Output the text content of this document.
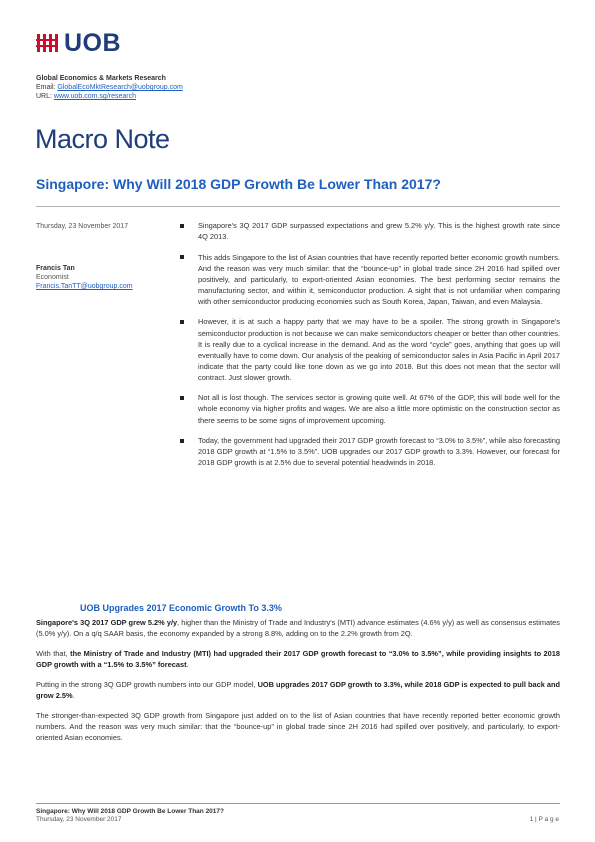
UOB
Global Economics & Markets Research
Email: GlobalEcoMktResearch@uobgroup.com
URL: www.uob.com.sg/research
Macro Note
Singapore: Why Will 2018 GDP Growth Be Lower Than 2017?
Thursday, 23 November 2017
Francis Tan
Economist
Francis.TanTT@uobgroup.com
Singapore's 3Q 2017 GDP surpassed expectations and grew 5.2% y/y. This is the highest growth rate since 4Q 2013.
This adds Singapore to the list of Asian countries that have recently reported better economic growth numbers. And the reason was very much similar: that the “bounce-up” in global trade since 2H 2016 had spilled over positively, and particularly, to export-oriented Asian economies. The best performing sector remains the manufacturing sector, and within it, semiconductor production. A sight that is not unfamiliar when comparing with other semiconductor producing economies such as South Korea, Japan, Taiwan, and even Malaysia.
However, it is at such a happy party that we may have to be a spoiler. The strong growth in Singapore's semiconductor production is not because we can make semiconductors cheaper or better than other countries. It is really due to a cyclical increase in the demand. And as the word “cycle” goes, anything that goes up will eventually have to come down. Our analysis of the peaking of semiconductor sales in Asia Pacific in April 2017 indicate that the party could like tone down as we go into 2018. But this does not mean that the sector will contract. Just slower growth.
Not all is lost though. The services sector is growing quite well. At 67% of the GDP, this will bode well for the whole economy via higher profits and wages. We are also a little more optimistic on the construction sector as there seems to be some signs of improvement upcoming.
Today, the government had upgraded their 2017 GDP growth forecast to “3.0% to 3.5%”, while also forecasting 2018 GDP growth at “1.5% to 3.5%”. UOB upgrades our 2017 GDP growth to 3.3%. However, our forecast for 2018 GDP growth is at 2.5% due to several potential headwinds in 2018.
UOB Upgrades 2017 Economic Growth To 3.3%

Singapore's 3Q 2017 GDP grew 5.2% y/y, higher than the Ministry of Trade and Industry's (MTI) advance estimates (4.6% y/y) as well as consensus estimates (5.0% y/y). On a q/q SAAR basis, the economy expanded by a strong 8.8%, adding on to the 2.2% growth from 2Q.

With that, the Ministry of Trade and Industry (MTI) had upgraded their 2017 GDP growth forecast to “3.0% to 3.5%”, while providing insights to 2018 GDP growth with a “1.5% to 3.5%” forecast.

Putting in the strong 3Q GDP growth numbers into our GDP model, UOB upgrades 2017 GDP growth to 3.3%, while 2018 GDP is expected to pull back and grow 2.5%.

The stronger-than-expected 3Q GDP growth from Singapore just added on to the list of Asian countries that have recently reported better economic growth numbers. And the reason was very much similar: that the “bounce-up” in global trade since 2H 2016 had spilled over positively, and particularly, to export-oriented Asian economies.

Singapore: Why Will 2018 GDP Growth Be Lower Than 2017?
Thursday, 23 November 2017	1 | P a g e
